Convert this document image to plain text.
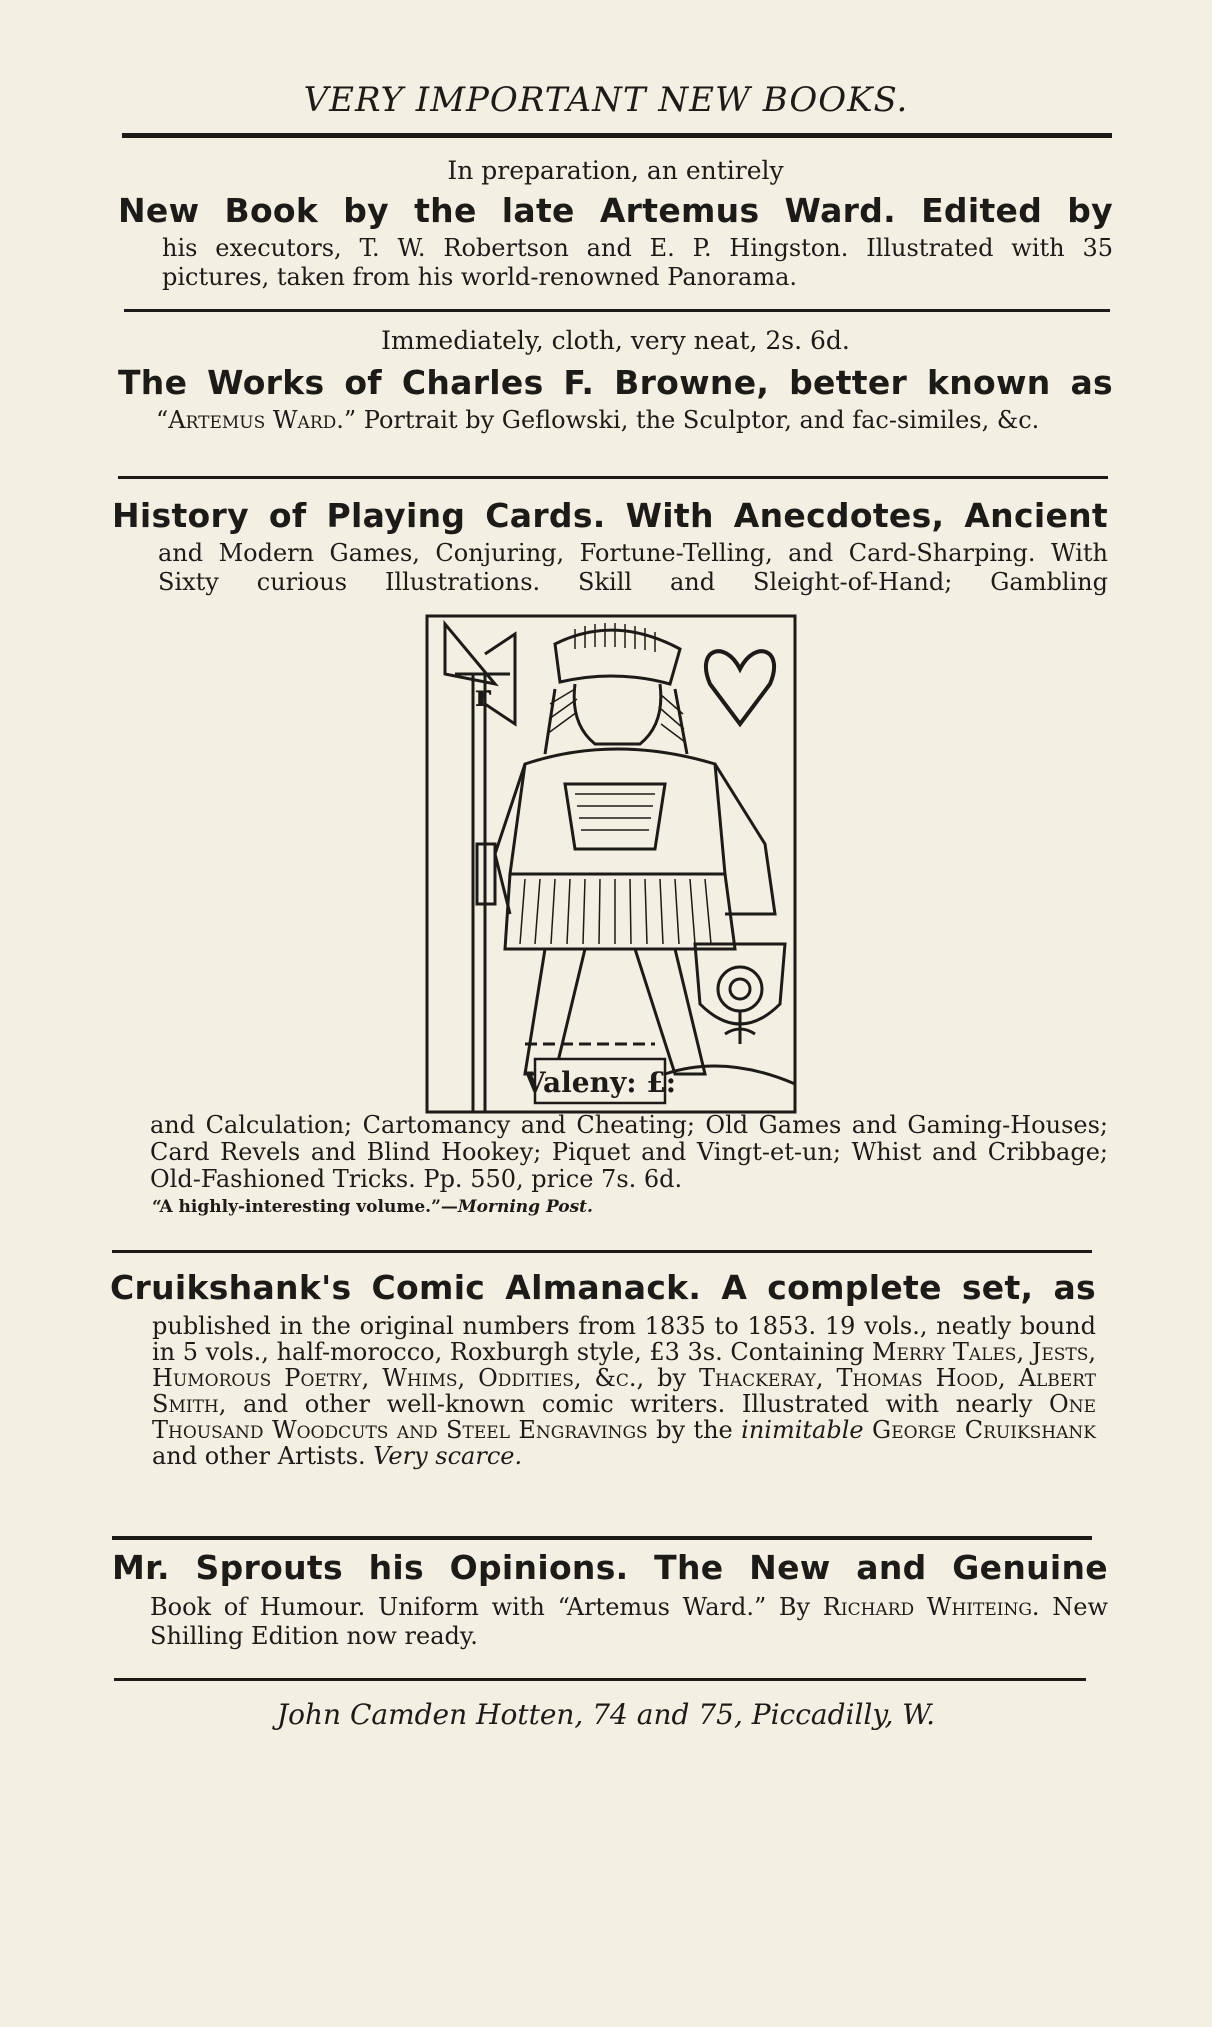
VERY IMPORTANT NEW BOOKS.
In preparation, an entirely
New Book by the late Artemus Ward. Edited by
his executors, T. W. Robertson and E. P. Hingston. Illustrated with 35 pictures, taken from his world-renowned Panorama.
Immediately, cloth, very neat, 2s. 6d.
The Works of Charles F. Browne, better known as
“Artemus Ward.” Portrait by Geflowski, the Sculptor, and fac-similes, &c.
History of Playing Cards. With Anecdotes, Ancient
and Modern Games, Conjuring, Fortune-Telling, and Card-Sharping. With Sixty curious Illustrations. Skill and Sleight-of-Hand; Gambling
r
Valeny: £:
and Calculation; Cartomancy and Cheating; Old Games and Gaming-Houses; Card Revels and Blind Hookey; Piquet and Vingt-et-un; Whist and Cribbage; Old-Fashioned Tricks. Pp. 550, price 7s. 6d.
“A highly-interesting volume.”—Morning Post.
Cruikshank's Comic Almanack. A complete set, as
published in the original numbers from 1835 to 1853. 19 vols., neatly bound in 5 vols., half-morocco, Roxburgh style, £3 3s. Containing Merry Tales, Jests, Humorous Poetry, Whims, Oddities, &c., by Thackeray, Thomas Hood, Albert Smith, and other well-known comic writers. Illustrated with nearly One Thousand Woodcuts and Steel Engravings by the inimitable George Cruikshank and other Artists. Very scarce.
Mr. Sprouts his Opinions. The New and Genuine
Book of Humour. Uniform with “Artemus Ward.” By Richard Whiteing. New Shilling Edition now ready.
John Camden Hotten, 74 and 75, Piccadilly, W.
